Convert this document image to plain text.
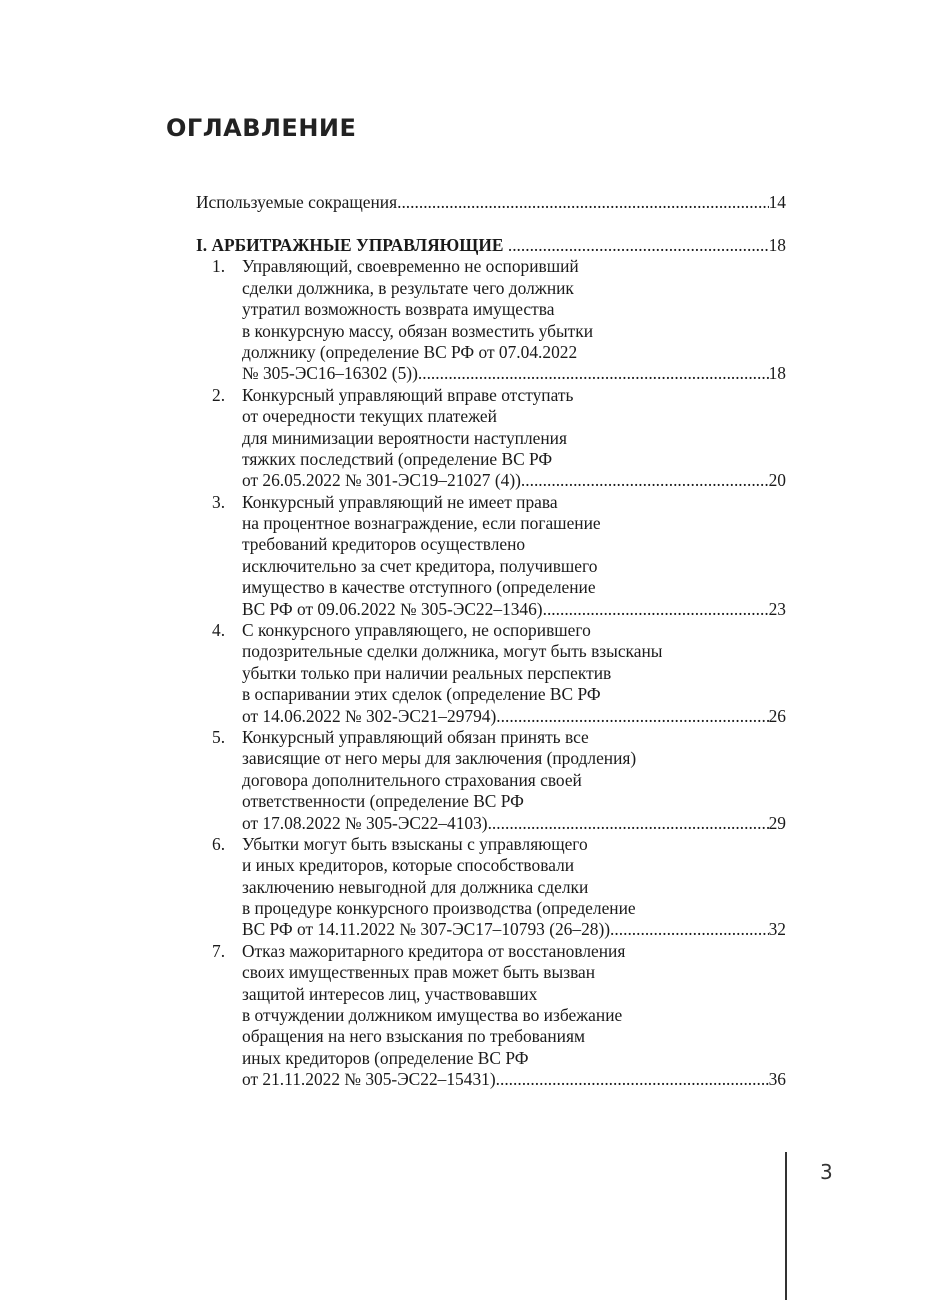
ОГЛАВЛЕНИЕ
Используемые сокращения .....	14
I. АРБИТРАЖНЫЕ УПРАВЛЯЮЩИЕ .....	18
1. Управляющий, своевременно не оспоривший
сделки должника, в результате чего должник
утратил возможность возврата имущества
в конкурсную массу, обязан возместить убытки
должнику (определение ВС РФ от 07.04.2022
№ 305-ЭС16–16302 (5)) .....	18
2. Конкурсный управляющий вправе отступать
от очередности текущих платежей
для минимизации вероятности наступления
тяжких последствий (определение ВС РФ
от 26.05.2022 № 301-ЭС19–21027 (4)) .....	20
3. Конкурсный управляющий не имеет права
на процентное вознаграждение, если погашение
требований кредиторов осуществлено
исключительно за счет кредитора, получившего
имущество в качестве отступного (определение
ВС РФ от 09.06.2022 № 305-ЭС22–1346) .....	23
4. С конкурсного управляющего, не оспорившего
подозрительные сделки должника, могут быть взысканы
убытки только при наличии реальных перспектив
в оспаривании этих сделок (определение ВС РФ
от 14.06.2022 № 302-ЭС21–29794) .....	26
5. Конкурсный управляющий обязан принять все
зависящие от него меры для заключения (продления)
договора дополнительного страхования своей
ответственности (определение ВС РФ
от 17.08.2022 № 305-ЭС22–4103) .....	29
6. Убытки могут быть взысканы с управляющего
и иных кредиторов, которые способствовали
заключению невыгодной для должника сделки
в процедуре конкурсного производства (определение
ВС РФ от 14.11.2022 № 307-ЭС17–10793 (26–28)) .....	32
7. Отказ мажоритарного кредитора от восстановления
своих имущественных прав может быть вызван
защитой интересов лиц, участвовавших
в отчуждении должником имущества во избежание
обращения на него взыскания по требованиям
иных кредиторов (определение ВС РФ
от 21.11.2022 № 305-ЭС22–15431) .....	36
3
